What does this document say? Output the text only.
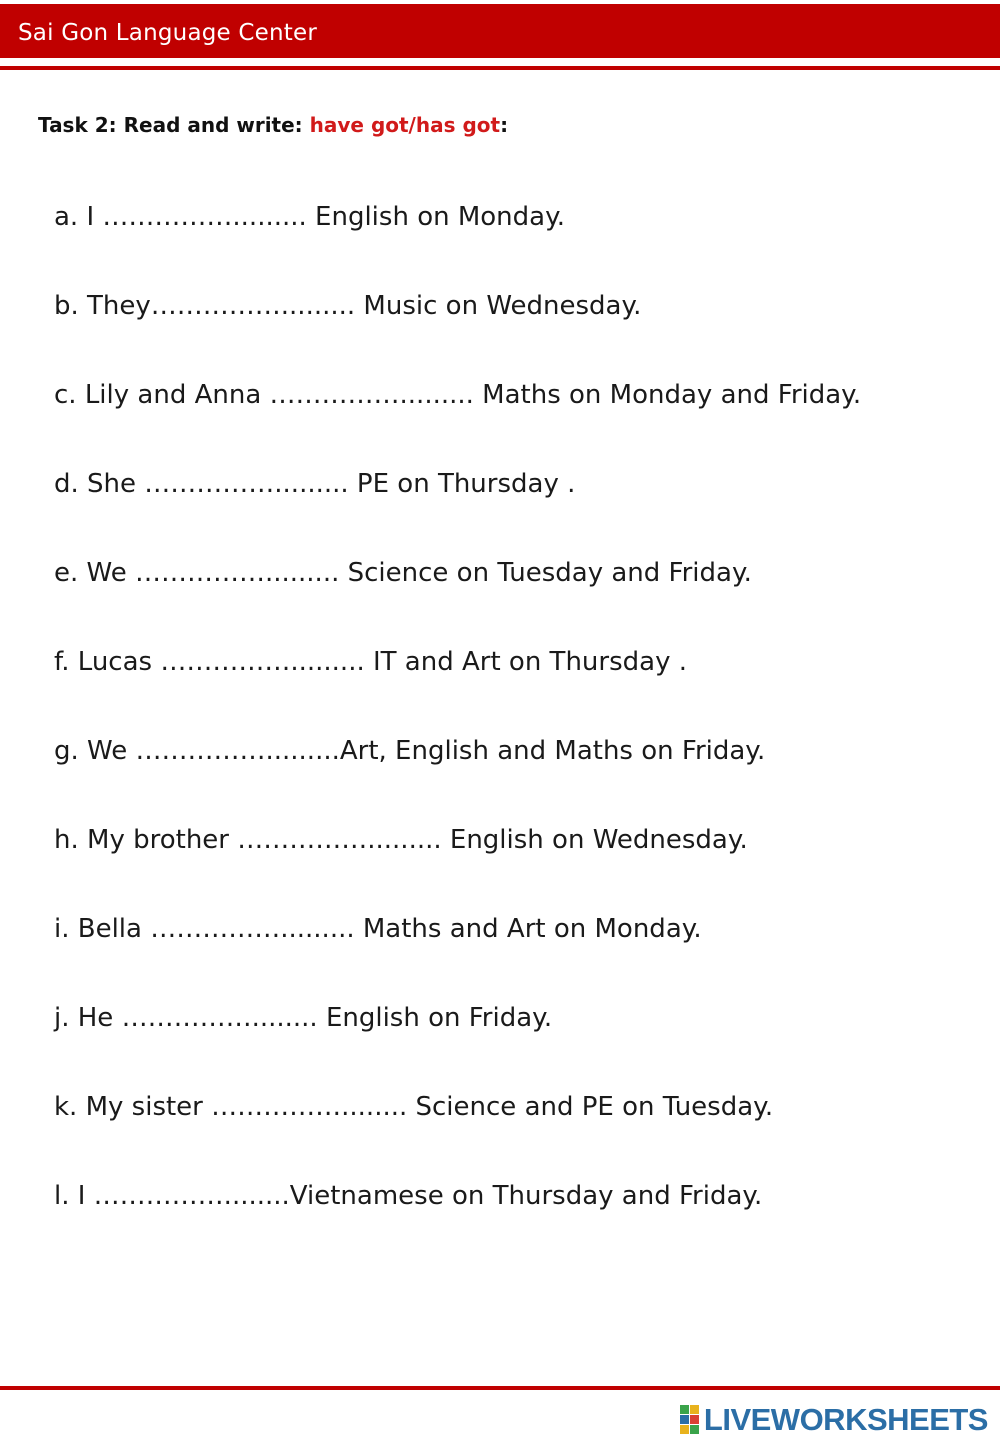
Sai Gon Language Center
Task 2: Read and write: have got/has got:
a. I ……………......... English on Monday.
b. They……………......... Music on Wednesday.
c. Lily and Anna ……………......... Maths on Monday and Friday.
d. She ……………......... PE on Thursday .
e. We ……………......... Science on Tuesday and Friday.
f. Lucas ……………......... IT and Art on Thursday .
g. We …………….........Art, English and Maths on Friday.
h. My brother ……………......... English on Wednesday.
i. Bella ……………......... Maths and Art on Monday.
j. He ……………........ English on Friday.
k. My sister ……………........ Science and PE on Tuesday.
l. I ……………........Vietnamese on Thursday and Friday.
LIVEWORKSHEETS
